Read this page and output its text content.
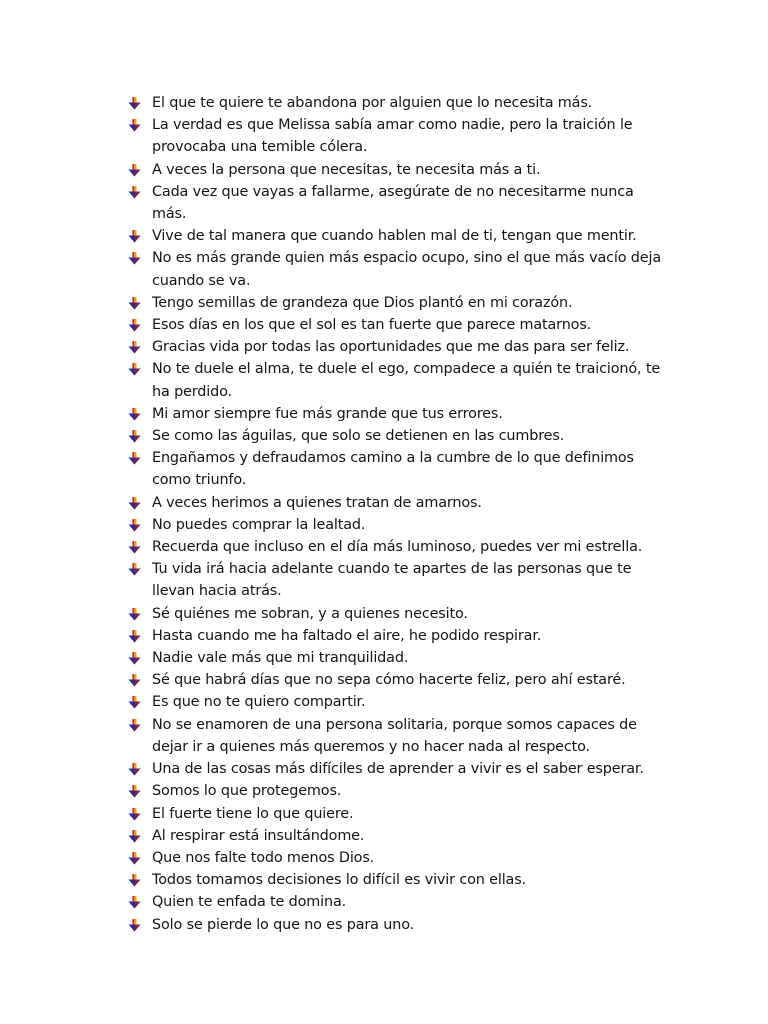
El que te quiere te abandona por alguien que lo necesita más.
La verdad es que Melissa sabía amar como nadie, pero la traición le provocaba una temible cólera.
A veces la persona que necesitas, te necesita más a ti.
Cada vez que vayas a fallarme, asegúrate de no necesitarme nunca más.
Vive de tal manera que cuando hablen mal de ti, tengan que mentir.
No es más grande quien más espacio ocupo, sino el que más vacío deja cuando se va.
Tengo semillas de grandeza que Dios plantó en mi corazón.
Esos días en los que el sol es tan fuerte que parece matarnos.
Gracias vida por todas las oportunidades que me das para ser feliz.
No te duele el alma, te duele el ego, compadece a quién te traicionó, te ha perdido.
Mi amor siempre fue más grande que tus errores.
Se como las águilas, que solo se detienen en las cumbres.
Engañamos y defraudamos camino a la cumbre de lo que definimos como triunfo.
A veces herimos a quienes tratan de amarnos.
No puedes comprar la lealtad.
Recuerda que incluso en el día más luminoso, puedes ver mi estrella.
Tu vida irá hacia adelante cuando te apartes de las personas que te llevan hacia atrás.
Sé quiénes me sobran, y a quienes necesito.
Hasta cuando me ha faltado el aire, he podido respirar.
Nadie vale más que mi tranquilidad.
Sé que habrá días que no sepa cómo hacerte feliz, pero ahí estaré.
Es que no te quiero compartir.
No se enamoren de una persona solitaria, porque somos capaces de dejar ir a quienes más queremos y no hacer nada al respecto.
Una de las cosas más difíciles de aprender a vivir es el saber esperar.
Somos lo que protegemos.
El fuerte tiene lo que quiere.
Al respirar está insultándome.
Que nos falte todo menos Dios.
Todos tomamos decisiones lo difícil es vivir con ellas.
Quien te enfada te domina.
Solo se pierde lo que no es para uno.
